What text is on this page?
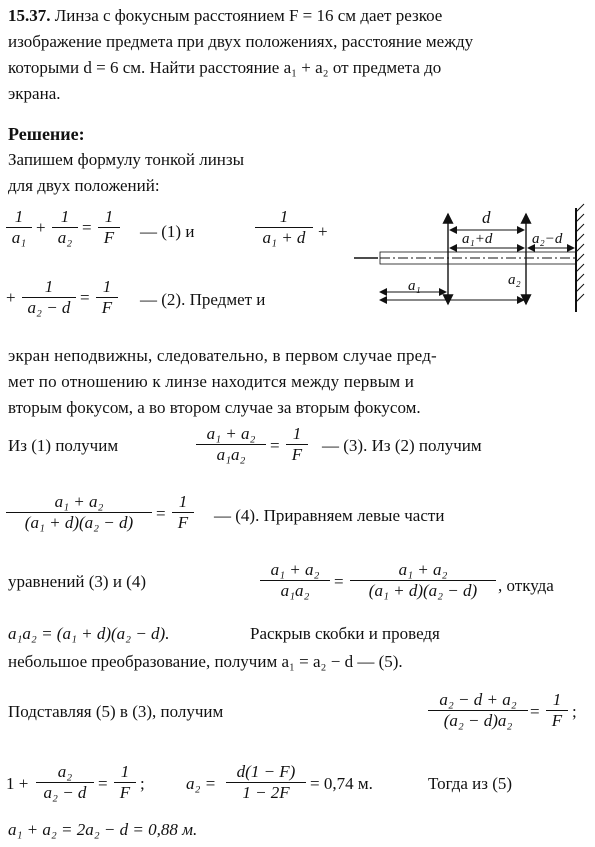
15.37. Линза с фокусным расстоянием F = 16 см дает резкое
изображение предмета при двух положениях, расстояние между
которыми d = 6 см. Найти расстояние a₁ + a₂ от предмета до
экрана.
Решение:
Запишем формулу тонкой линзы
для двух положений:
1
a₁
+
1
a₂
=
1
F	— (1) и
1
a₁ + d +
+
1
a₂ − d
=
1
F	— (2). Предмет и
d
a₁+d	a₂−d
a₁	a₂
экран неподвижны, следовательно, в первом случае пред-
мет по отношению к линзе находится между первым и
вторым фокусом, а во втором случае за вторым фокусом.
Из (1) получим
a₁ + a₂
a₁a₂	=
1
F	— (3). Из (2) получим
a₁ + a₂
(a₁ + d)(a₂ − d)	=
1
F	— (4). Приравняем левые части
уравнений (3) и (4)
a₁ + a₂
a₁a₂	=
a₁ + a₂
(a₁ + d)(a₂ − d)	, откуда
a₁a₂ = (a₁ + d)(a₂ − d).	Раскрыв скобки и проведя
небольшое преобразование, получим a₁ = a₂ − d — (5).
Подставляя (5) в (3), получим
a₂ − d + a₂
(a₂ − d)a₂	=
1
F ;
1 +
a₂
a₂ − d =
1
F ; a₂ =
d(1 − F)
1 − 2F	= 0,74 м.	Тогда из (5)
a₁ + a₂ = 2a₂ − d = 0,88 м.
